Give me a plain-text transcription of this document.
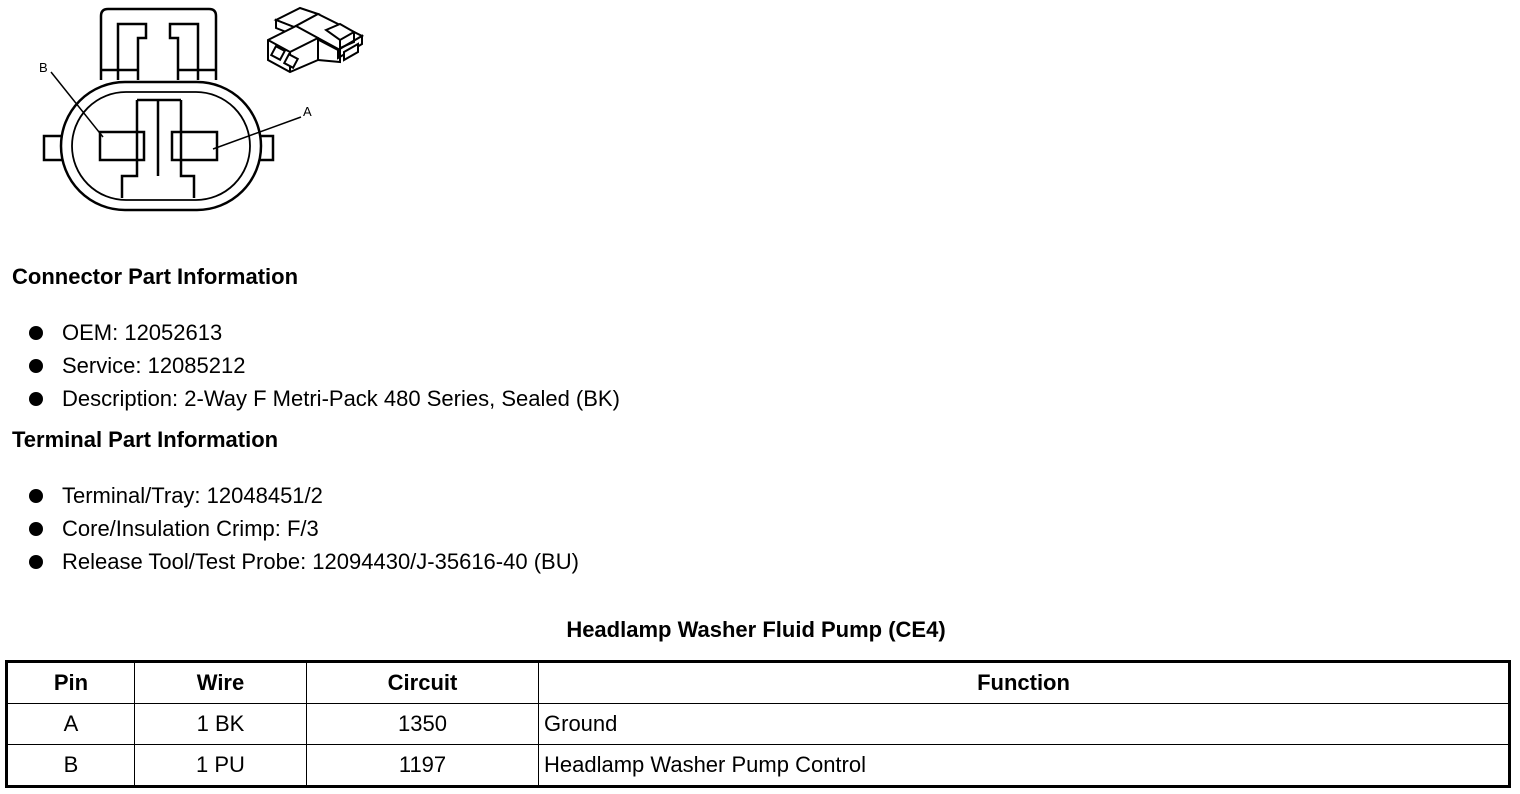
B
A
Connector Part Information
OEM: 12052613
Service: 12085212
Description: 2-Way F Metri-Pack 480 Series, Sealed (BK)
Terminal Part Information
Terminal/Tray: 12048451/2
Core/Insulation Crimp: F/3
Release Tool/Test Probe: 12094430/J-35616-40 (BU)
Headlamp Washer Fluid Pump (CE4)
Pin	Wire	Circuit	Function
A	1 BK	1350	Ground
B	1 PU	1197	Headlamp Washer Pump Control
